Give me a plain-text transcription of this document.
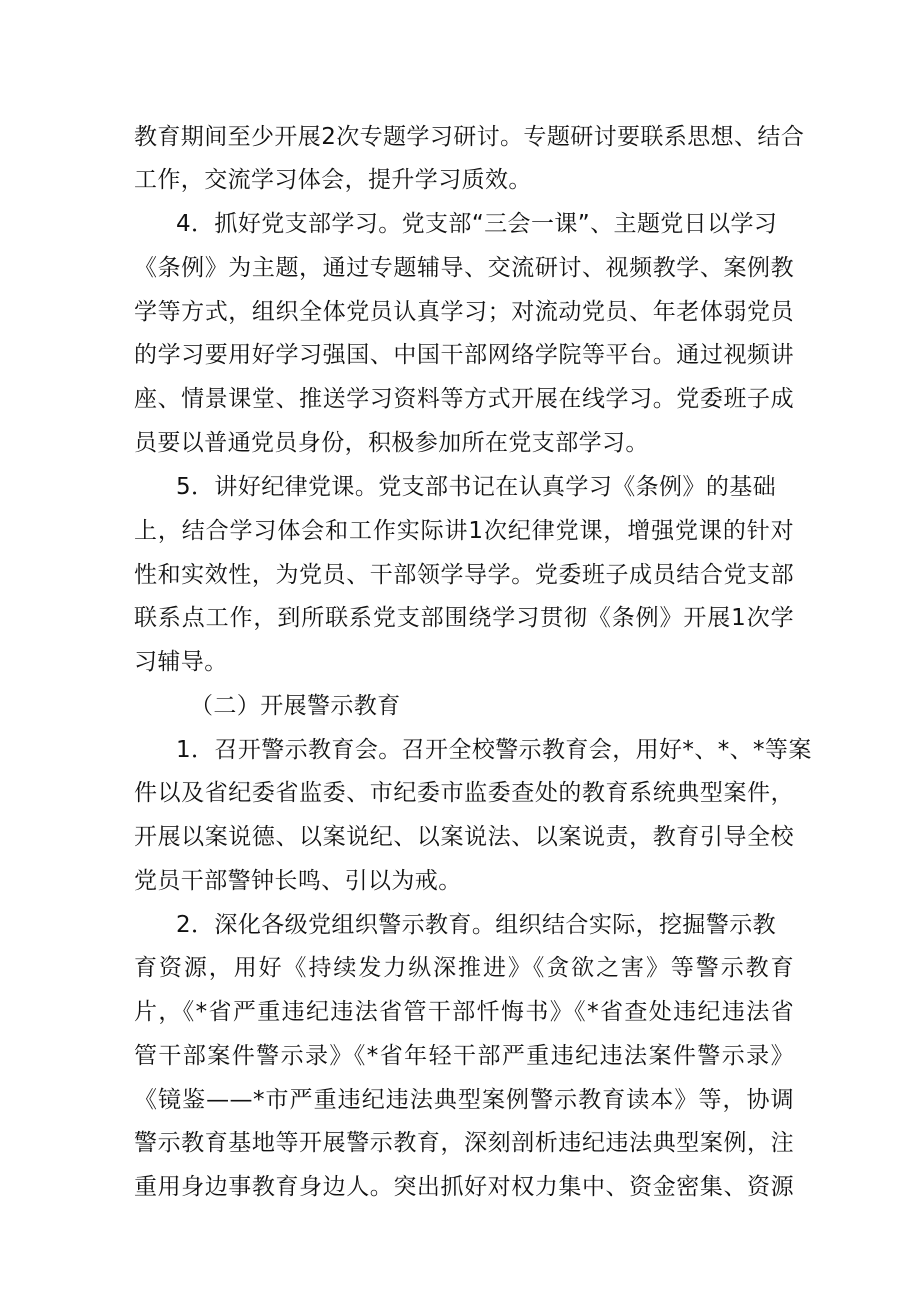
教育期间至少开展2次专题学习研讨。专题研讨要联系思想、结合
工作，交流学习体会，提升学习质效。
4．抓好党支部学习。党支部“三会一课”、主题党日以学习
《条例》为主题，通过专题辅导、交流研讨、视频教学、案例教
学等方式，组织全体党员认真学习；对流动党员、年老体弱党员
的学习要用好学习强国、中国干部网络学院等平台。通过视频讲
座、情景课堂、推送学习资料等方式开展在线学习。党委班子成
员要以普通党员身份，积极参加所在党支部学习。
5．讲好纪律党课。党支部书记在认真学习《条例》的基础
上，结合学习体会和工作实际讲1次纪律党课，增强党课的针对
性和实效性，为党员、干部领学导学。党委班子成员结合党支部
联系点工作，到所联系党支部围绕学习贯彻《条例》开展1次学
习辅导。
（二）开展警示教育
1．召开警示教育会。召开全校警示教育会，用好*、*、*等案
件以及省纪委省监委、市纪委市监委查处的教育系统典型案件，
开展以案说德、以案说纪、以案说法、以案说责，教育引导全校
党员干部警钟长鸣、引以为戒。
2．深化各级党组织警示教育。组织结合实际，挖掘警示教
育资源，用好《持续发力纵深推进》《贪欲之害》等警示教育
片，《*省严重违纪违法省管干部忏悔书》《*省查处违纪违法省
管干部案件警示录》《*省年轻干部严重违纪违法案件警示录》
《镜鉴——*市严重违纪违法典型案例警示教育读本》等，协调
警示教育基地等开展警示教育，深刻剖析违纪违法典型案例，注
重用身边事教育身边人。突出抓好对权力集中、资金密集、资源
